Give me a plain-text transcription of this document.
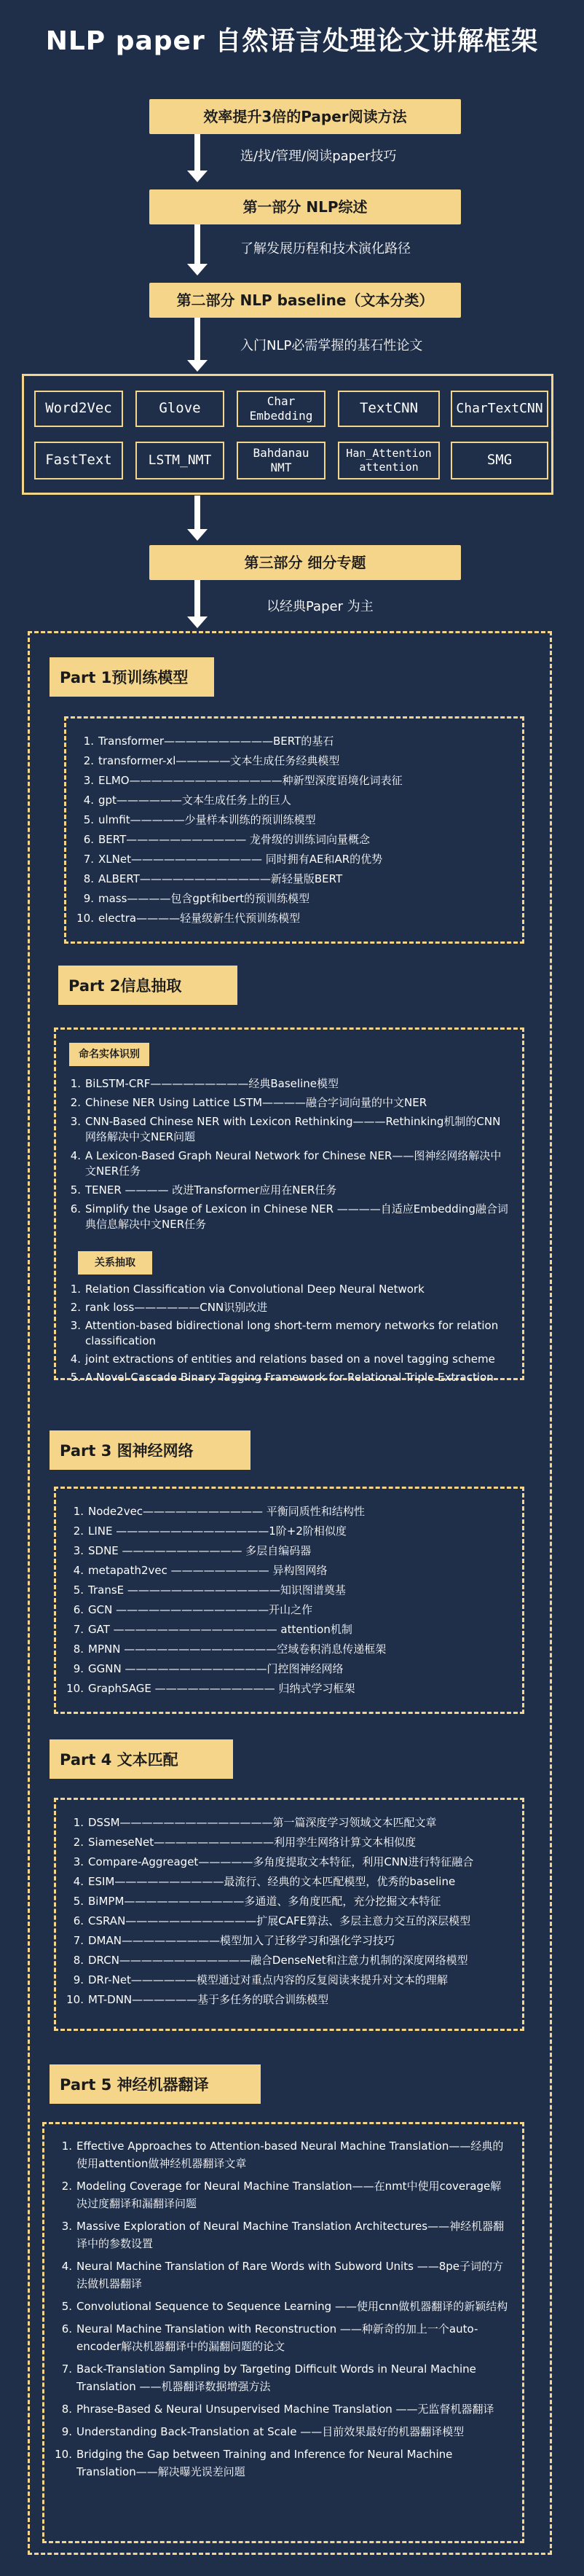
NLP paper 自然语言处理论文讲解框架
效率提升3倍的Paper阅读方法
选/找/管理/阅读paper技巧
第一部分 NLP综述
了解发展历程和技术演化路径
第二部分 NLP baseline（文本分类）
入门NLP必需掌握的基石性论文
Word2Vec	Glove	Char Embedding	TextCNN	CharTextCNN
FastText	LSTM_NMT	Bahdanau NMT
Han_Attention attention	SMG
第三部分 细分专题
以经典Paper 为主
Part 1预训练模型
1. Transformer——————————BERT的基石
2. transformer-xl—————文本生成任务经典模型
3. ELMO——————————————种新型深度语境化词表征
4. gpt——————文本生成任务上的巨人
5. ulmfit—————少量样本训练的预训练模型
6. BERT——————————— 龙骨级的训练词向量概念
7. XLNet———————————— 同时拥有AE和AR的优势
8. ALBERT————————————新轻量版BERT
9. mass————包含gpt和bert的预训练模型
10. electra————轻量级新生代预训练模型
Part 2信息抽取
命名实体识别
1. BiLSTM-CRF—————————经典Baseline模型
2. Chinese NER Using Lattice LSTM————融合字词向量的中文NER
3. CNN-Based Chinese NER with Lexicon Rethinking———Rethinking机制的CNN网络解决中文NER问题
4. A Lexicon-Based Graph Neural Network for Chinese NER——图神经网络解决中文NER任务
5. TENER ———— 改进Transformer应用在NER任务
6. Simplify the Usage of Lexicon in Chinese NER ————自适应Embedding融合词典信息解决中文NER任务
关系抽取
1. Relation Classification via Convolutional Deep Neural Network
2. rank loss——————CNN识别改进
3. Attention-based bidirectional long short-term memory networks for relation classification
4. joint extractions of entities and relations based on a novel tagging scheme
5. A Novel Cascade Binary Tagging Framework for Relational Triple Extraction
Part 3 图神经网络
1. Node2vec——————————— 平衡同质性和结构性
2. LINE ——————————————1阶+2阶相似度
3. SDNE ——————————— 多层自编码器
4. metapath2vec ————————— 异构图网络
5. TransE ——————————————知识图谱奠基
6. GCN ——————————————开山之作
7. GAT ——————————————— attention机制
8. MPNN ——————————————空域卷积消息传递框架
9. GGNN —————————————门控图神经网络
10. GraphSAGE ——————————— 归纳式学习框架
Part 4 文本匹配
1. DSSM——————————————第一篇深度学习领域文本匹配文章
2. SiameseNet———————————利用孪生网络计算文本相似度
3. Compare-Aggreaget—————多角度提取文本特征，利用CNN进行特征融合
4. ESIM——————————最流行、经典的文本匹配模型，优秀的baseline
5. BiMPM———————————多通道、多角度匹配，充分挖掘文本特征
6. CSRAN————————————扩展CAFE算法、多层主意力交互的深层模型
7. DMAN—————————模型加入了迁移学习和强化学习技巧
8. DRCN————————————融合DenseNet和注意力机制的深度网络模型
9. DRr-Net——————模型通过对重点内容的反复阅读来提升对文本的理解
10. MT-DNN——————基于多任务的联合训练模型
Part 5 神经机器翻译
1. Effective Approaches to Attention-based Neural Machine Translation——经典的使用attention做神经机器翻译文章
2. Modeling Coverage for Neural Machine Translation——在nmt中使用coverage解决过度翻译和漏翻译问题
3. Massive Exploration of Neural Machine Translation Architectures——神经机器翻译中的参数设置
4. Neural Machine Translation of Rare Words with Subword Units ——8pe子词的方法做机器翻译
5. Convolutional Sequence to Sequence Learning ——使用cnn做机器翻译的新颖结构
6. Neural Machine Translation with Reconstruction ——种新奇的加上一个auto-encoder解决机器翻译中的漏翻问题的论文
7. Back-Translation Sampling by Targeting Difficult Words in Neural Machine Translation ——机器翻译数据增强方法
8. Phrase-Based & Neural Unsupervised Machine Translation ——无监督机器翻译
9. Understanding Back-Translation at Scale ——目前效果最好的机器翻译模型
10. Bridging the Gap between Training and Inference for Neural Machine Translation——解决曝光误差问题
